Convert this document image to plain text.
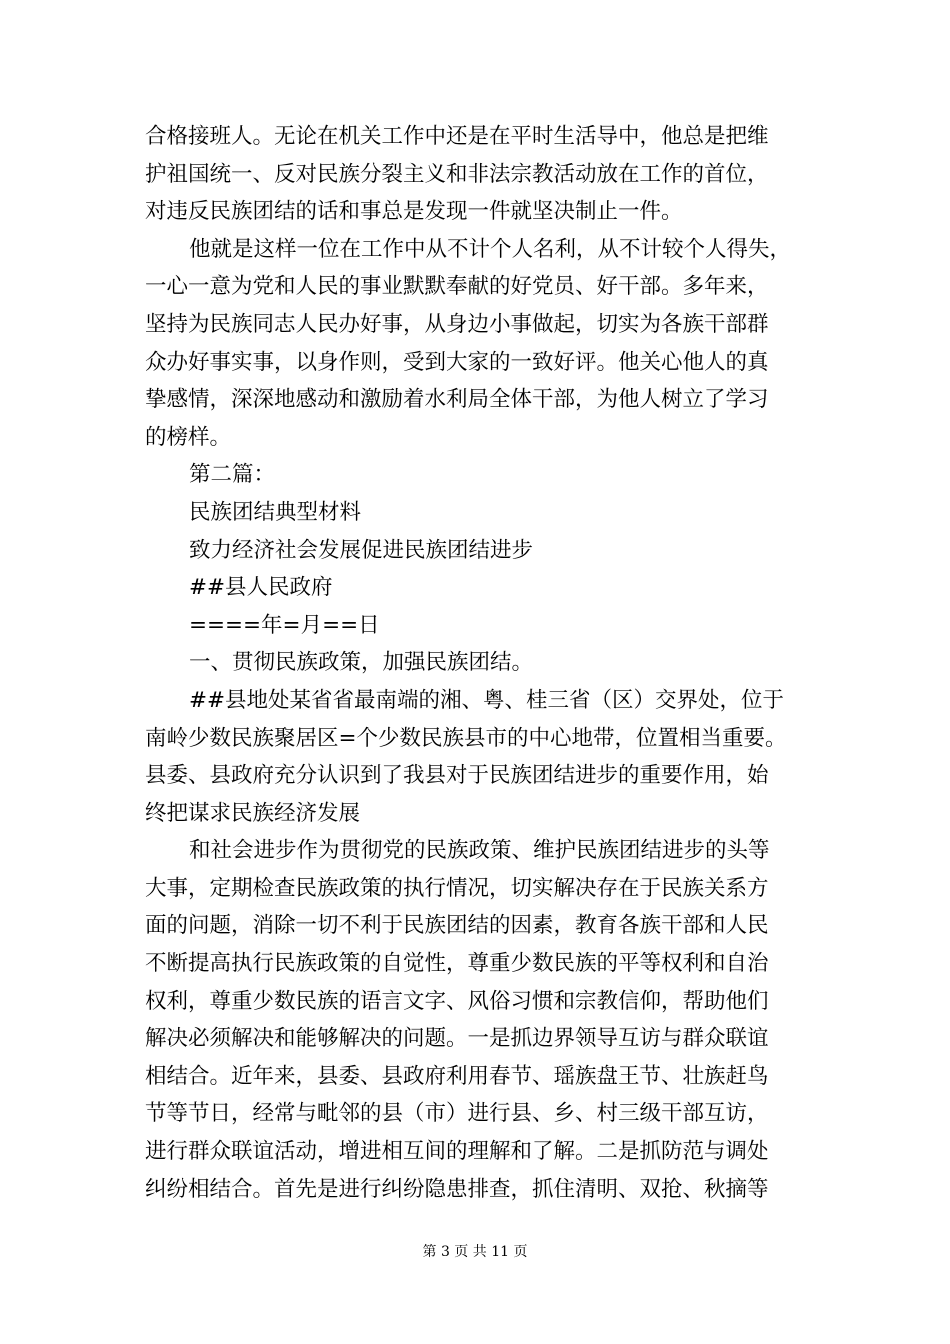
合格接班人。无论在机关工作中还是在平时生活导中，他总是把维
护祖国统一、反对民族分裂主义和非法宗教活动放在工作的首位，
对违反民族团结的话和事总是发现一件就坚决制止一件。
他就是这样一位在工作中从不计个人名利，从不计较个人得失，
一心一意为党和人民的事业默默奉献的好党员、好干部。多年来，
坚持为民族同志人民办好事，从身边小事做起，切实为各族干部群
众办好事实事，以身作则，受到大家的一致好评。他关心他人的真
挚感情，深深地感动和激励着水利局全体干部，为他人树立了学习
的榜样。
第二篇：
民族团结典型材料
致力经济社会发展促进民族团结进步
##县人民政府
====年=月==日
一、贯彻民族政策，加强民族团结。
##县地处某省省最南端的湘、粤、桂三省（区）交界处，位于
南岭少数民族聚居区=个少数民族县市的中心地带，位置相当重要。
县委、县政府充分认识到了我县对于民族团结进步的重要作用，始
终把谋求民族经济发展
和社会进步作为贯彻党的民族政策、维护民族团结进步的头等
大事，定期检查民族政策的执行情况，切实解决存在于民族关系方
面的问题，消除一切不利于民族团结的因素，教育各族干部和人民
不断提高执行民族政策的自觉性，尊重少数民族的平等权利和自治
权利，尊重少数民族的语言文字、风俗习惯和宗教信仰，帮助他们
解决必须解决和能够解决的问题。一是抓边界领导互访与群众联谊
相结合。近年来，县委、县政府利用春节、瑶族盘王节、壮族赶鸟
节等节日，经常与毗邻的县（市）进行县、乡、村三级干部互访，
进行群众联谊活动，增进相互间的理解和了解。二是抓防范与调处
纠纷相结合。首先是进行纠纷隐患排查，抓住清明、双抢、秋摘等
第 3 页 共 11 页
